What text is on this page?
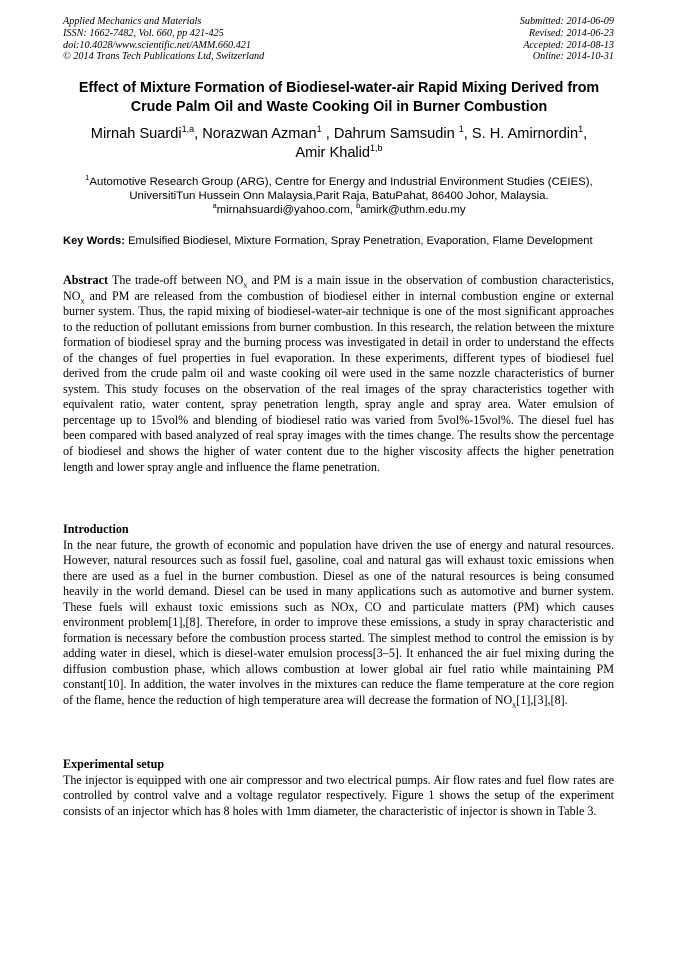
Applied Mechanics and Materials
ISSN: 1662-7482, Vol. 660, pp 421-425
doi:10.4028/www.scientific.net/AMM.660.421
© 2014 Trans Tech Publications Ltd, Switzerland
Submitted: 2014-06-09
Revised: 2014-06-23
Accepted: 2014-08-13
Online: 2014-10-31
Effect of Mixture Formation of Biodiesel-water-air Rapid Mixing Derived from Crude Palm Oil and Waste Cooking Oil in Burner Combustion
Mirnah Suardi$^{1,a}$, Norazwan Azman$^1$ , Dahrum Samsudin $^1$, S. H. Amirnordin$^1$,
Amir Khalid$^{1,b}$
$^1$Automotive Research Group (ARG), Centre for Energy and Industrial Environment Studies (CEIES), UniversitiTun Hussein Onn Malaysia,Parit Raja, BatuPahat, 86400 Johor, Malaysia.
$^a$mirnahsuardi@yahoo.com, $^b$amirk@uthm.edu.my
Key Words: Emulsified Biodiesel, Mixture Formation, Spray Penetration, Evaporation, Flame Development
Abstract The trade-off between $NO_x$ and PM is a main issue in the observation of combustion characteristics, $NO_x$ and PM are released from the combustion of biodiesel either in internal combustion engine or external burner system. Thus, the rapid mixing of biodiesel-water-air technique is one of the most significant approaches to the reduction of pollutant emissions from burner combustion. In this research, the relation between the mixture formation of biodiesel spray and the burning process was investigated in detail in order to understand the effects of the changes of fuel properties in fuel evaporation. In these experiments, different types of biodiesel fuel derived from the crude palm oil and waste cooking oil were used in the same nozzle characteristics of burner system. This study focuses on the observation of the real images of the spray characteristics together with equivalent ratio, water content, spray penetration length, spray angle and spray area. Water emulsion of percentage up to 15vol% and blending of biodiesel ratio was varied from 5vol%-15vol%. The diesel fuel has been compared with based analyzed of real spray images with the times change. The results show the percentage of biodiesel and shows the higher of water content due to the higher viscosity affects the higher penetration length and lower spray angle and influence the flame penetration.
Introduction
In the near future, the growth of economic and population have driven the use of energy and natural resources. However, natural resources such as fossil fuel, gasoline, coal and natural gas will exhaust toxic emissions when there are used as a fuel in the burner combustion. Diesel as one of the natural resources is being consumed heavily in the world demand. Diesel can be used in many applications such as automotive and burner system. These fuels will exhaust toxic emissions such as NOx, CO and particulate matters (PM) which causes environment problem[1],[8]. Therefore, in order to improve these emissions, a study in spray characteristic and formation is necessary before the combustion process started. The simplest method to control the emission is by adding water in diesel, which is diesel-water emulsion process[3–5]. It enhanced the air fuel mixing during the diffusion combustion phase, which allows combustion at lower global air fuel ratio while maintaining PM constant[10]. In addition, the water involves in the mixtures can reduce the flame temperature at the core region of the flame, hence the reduction of high temperature area will decrease the formation of $NO_x[1],[3],[8]$.
Experimental setup
The injector is equipped with one air compressor and two electrical pumps. Air flow rates and fuel flow rates are controlled by control valve and a voltage regulator respectively. Figure 1 shows the setup of the experiment consists of an injector which has 8 holes with 1mm diameter, the characteristic of injector is shown in Table 3.
